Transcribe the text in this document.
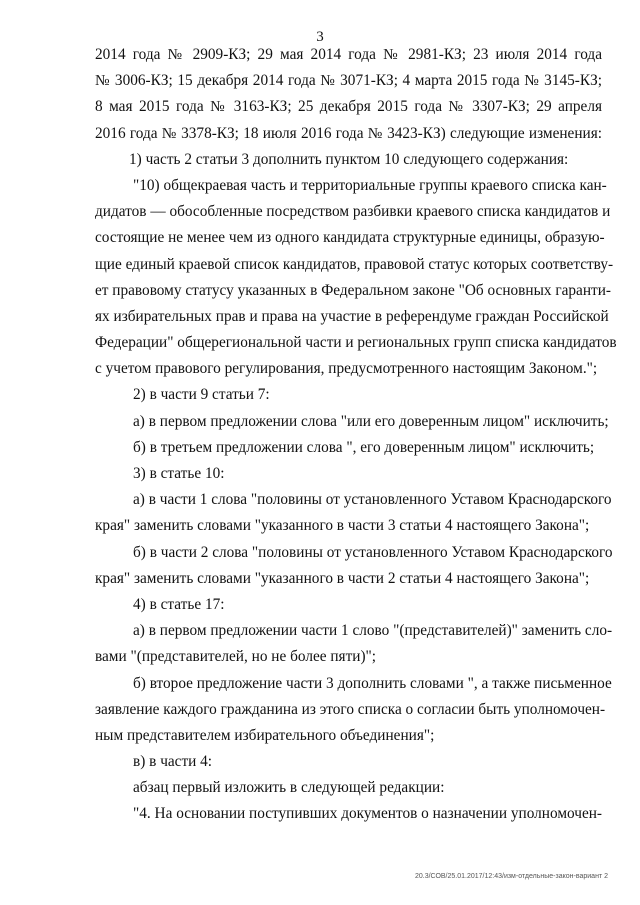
3
2014 года № 2909-КЗ; 29 мая 2014 года № 2981-КЗ; 23 июля 2014 года
№ 3006-КЗ; 15 декабря 2014 года № 3071-КЗ; 4 марта 2015 года № 3145-КЗ;
8 мая 2015 года № 3163-КЗ; 25 декабря 2015 года № 3307-КЗ; 29 апреля
2016 года № 3378-КЗ; 18 июля 2016 года № 3423-КЗ) следующие изменения:
1) часть 2 статьи 3 дополнить пунктом 10 следующего содержания:
"10) общекраевая часть и территориальные группы краевого списка кан-
дидатов — обособленные посредством разбивки краевого списка кандидатов и
состоящие не менее чем из одного кандидата структурные единицы, образую-
щие единый краевой список кандидатов, правовой статус которых соответству-
ет правовому статусу указанных в Федеральном законе "Об основных гаранти-
ях избирательных прав и права на участие в референдуме граждан Российской
Федерации" общерегиональной части и региональных групп списка кандидатов
с учетом правового регулирования, предусмотренного настоящим Законом.";
2) в части 9 статьи 7:
а) в первом предложении слова "или его доверенным лицом" исключить;
б) в третьем предложении слова ", его доверенным лицом" исключить;
3) в статье 10:
а) в части 1 слова "половины от установленного Уставом Краснодарского
края" заменить словами "указанного в части 3 статьи 4 настоящего Закона";
б) в части 2 слова "половины от установленного Уставом Краснодарского
края" заменить словами "указанного в части 2 статьи 4 настоящего Закона";
4) в статье 17:
а) в первом предложении части 1 слово "(представителей)" заменить сло-
вами "(представителей, но не более пяти)";
б) второе предложение части 3 дополнить словами ", а также письменное
заявление каждого гражданина из этого списка о согласии быть уполномочен-
ным представителем избирательного объединения";
в) в части 4:
абзац первый изложить в следующей редакции:
"4. На основании поступивших документов о назначении уполномочен-
20.3/СОВ/25.01.2017/12:43/изм-отдельные-закон-вариант 2
